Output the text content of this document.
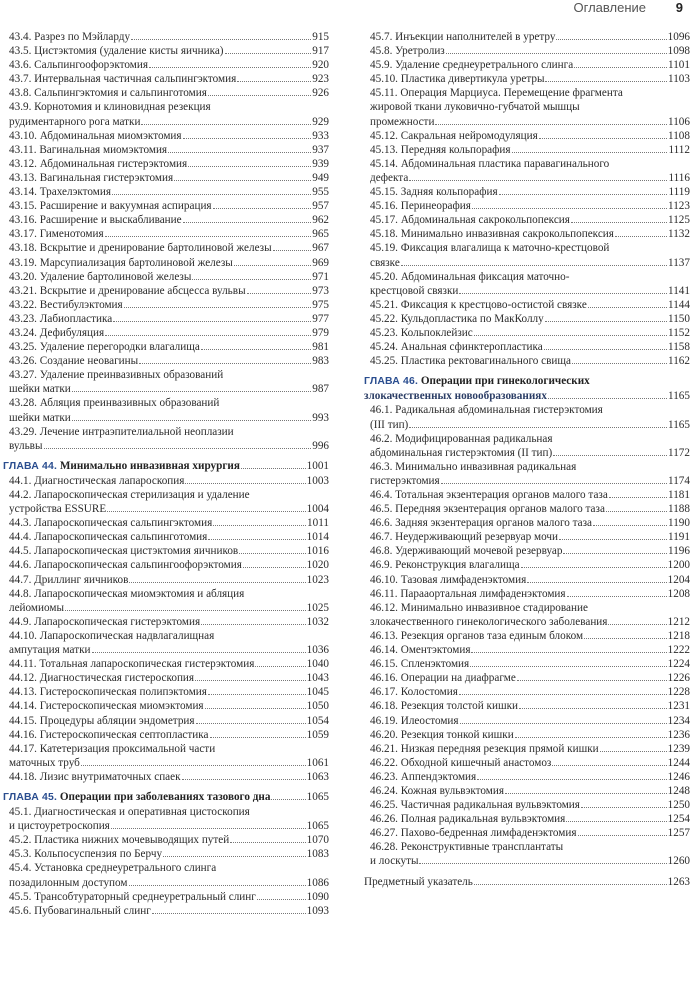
Оглавление 9
43.4. Разрез по Мэйларду	915
43.5. Цистэктомия (удаление кисты яичника)	917
43.6. Сальпингоофорэктомия	920
43.7. Интервальная частичная сальпингэктомия	923
43.8. Сальпингэктомия и сальпинготомия	926
43.9. Корнотомия и клиновидная резекция
рудиментарного рога матки	929
43.10. Абдоминальная миомэктомия	933
43.11. Вагинальная миомэктомия	937
43.12. Абдоминальная гистерэктомия	939
43.13. Вагинальная гистерэктомия	949
43.14. Трахелэктомия	955
43.15. Расширение и вакуумная аспирация	957
43.16. Расширение и выскабливание	962
43.17. Гименотомия	965
43.18. Вскрытие и дренирование бартолиновой железы	967
43.19. Марсупиализация бартолиновой железы	969
43.20. Удаление бартолиновой железы	971
43.21. Вскрытие и дренирование абсцесса вульвы	973
43.22. Вестибулэктомия	975
43.23. Лабиопластика	977
43.24. Дефибуляция	979
43.25. Удаление перегородки влагалища	981
43.26. Создание неовагины	983
43.27. Удаление преинвазивных образований
шейки матки	987
43.28. Абляция преинвазивных образований
шейки матки	993
43.29. Лечение интраэпителиальной неоплазии
вульвы	996
ГЛАВА 44. Минимально инвазивная хирургия	1001
44.1. Диагностическая лапароскопия	1003
44.2. Лапароскопическая стерилизация и удаление
устройства ESSURE	1004
44.3. Лапароскопическая сальпингэктомия	1011
44.4. Лапароскопическая сальпинготомия	1014
44.5. Лапароскопическая цистэктомия яичников	1016
44.6. Лапароскопическая сальпингоофорэктомия	1020
44.7. Дриллинг яичников	1023
44.8. Лапароскопическая миомэктомия и абляция
лейомиомы	1025
44.9. Лапароскопическая гистерэктомия	1032
44.10. Лапароскопическая надвлагалищная
ампутация матки	1036
44.11. Тотальная лапароскопическая гистерэктомия	1040
44.12. Диагностическая гистероскопия	1043
44.13. Гистероскопическая полипэктомия	1045
44.14. Гистероскопическая миомэктомия	1050
44.15. Процедуры абляции эндометрия	1054
44.16. Гистероскопическая септопластика	1059
44.17. Катетеризация проксимальной части
маточных труб	1061
44.18. Лизис внутриматочных спаек	1063
ГЛАВА 45. Операции при заболеваниях тазового дна	1065
45.1. Диагностическая и оперативная цистоскопия
и цистоуретроскопия	1065
45.2. Пластика нижних мочевыводящих путей	1070
45.3. Кольпосуспензия по Берчу	1083
45.4. Установка среднеуретрального слинга
позадилонным доступом	1086
45.5. Трансобтураторный среднеуретральный слинг	1090
45.6. Пубовагинальный слинг	1093
45.7. Инъекции наполнителей в уретру	1096
45.8. Уретролиз	1098
45.9. Удаление среднеуретрального слинга	1101
45.10. Пластика дивертикула уретры	1103
45.11. Операция Марциуса. Перемещение фрагмента
жировой ткани луковично-губчатой мышцы
промежности	1106
45.12. Сакральная нейромодуляция	1108
45.13. Передняя кольпорафия	1112
45.14. Абдоминальная пластика паравагинального
дефекта	1116
45.15. Задняя кольпорафия	1119
45.16. Перинеорафия	1123
45.17. Абдоминальная сакрокольпопексия	1125
45.18. Минимально инвазивная сакрокольпопексия	1132
45.19. Фиксация влагалища к маточно-крестцовой
связке	1137
45.20. Абдоминальная фиксация маточно-
крестцовой связки	1141
45.21. Фиксация к крестцово-остистой связке	1144
45.22. Кульдопластика по МакКоллу	1150
45.23. Кольпоклейзис	1152
45.24. Анальная сфинктеропластика	1158
45.25. Пластика ректовагинального свища	1162
ГЛАВА 46. Операции при гинекологических
злокачественных новообразованиях	1165
46.1. Радикальная абдоминальная гистерэктомия
(III тип)	1165
46.2. Модифицированная радикальная
абдоминальная гистерэктомия (II тип)	1172
46.3. Минимально инвазивная радикальная
гистерэктомия	1174
46.4. Тотальная экзентерация органов малого таза	1181
46.5. Передняя экзентерация органов малого таза	1188
46.6. Задняя экзентерация органов малого таза	1190
46.7. Неудерживающий резервуар мочи	1191
46.8. Удерживающий мочевой резервуар	1196
46.9. Реконструкция влагалища	1200
46.10. Тазовая лимфаденэктомия	1204
46.11. Парааортальная лимфаденэктомия	1208
46.12. Минимально инвазивное стадирование
злокачественного гинекологического заболевания	1212
46.13. Резекция органов таза единым блоком	1218
46.14. Оментэктомия	1222
46.15. Спленэктомия	1224
46.16. Операции на диафрагме	1226
46.17. Колостомия	1228
46.18. Резекция толстой кишки	1231
46.19. Илеостомия	1234
46.20. Резекция тонкой кишки	1236
46.21. Низкая передняя резекция прямой кишки	1239
46.22. Обходной кишечный анастомоз	1244
46.23. Аппендэктомия	1246
46.24. Кожная вульвэктомия	1248
46.25. Частичная радикальная вульвэктомия	1250
46.26. Полная радикальная вульвэктомия	1254
46.27. Пахово-бедренная лимфаденэктомия	1257
46.28. Реконструктивные трансплантаты
и лоскуты	1260
Предметный указатель	1263
